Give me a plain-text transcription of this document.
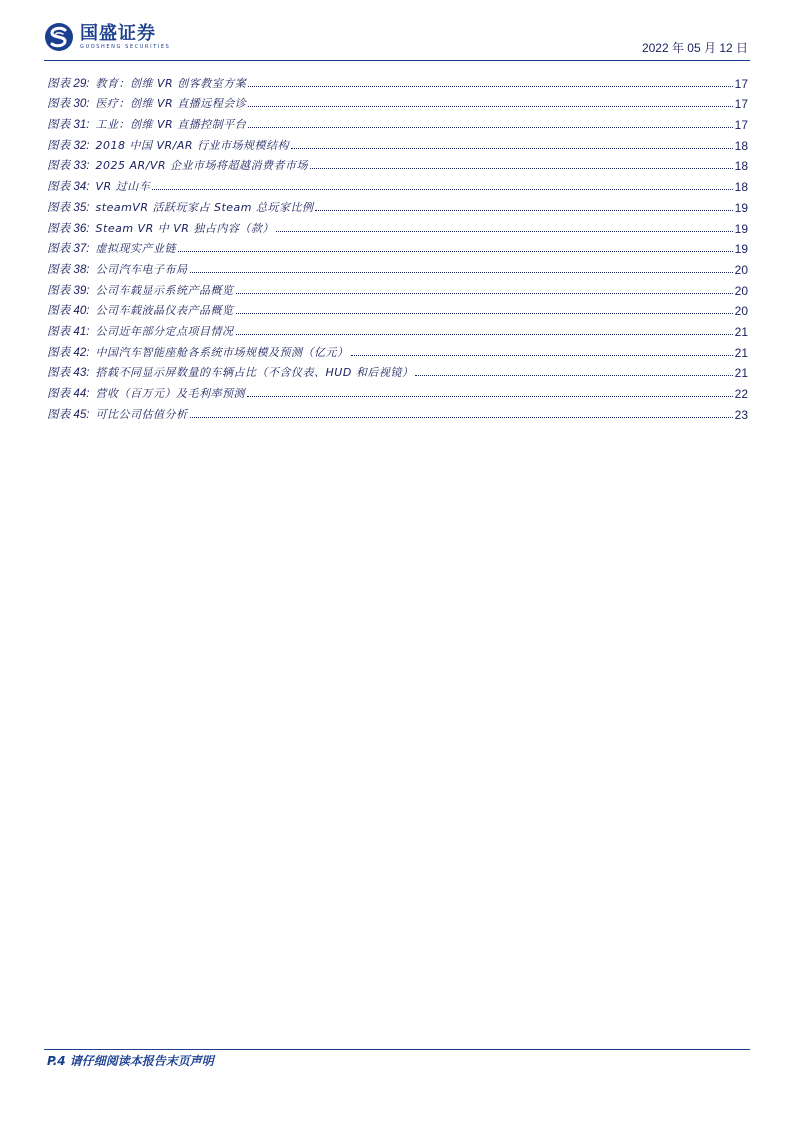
国盛证券
GUOSHENG SECURITIES	2022 年 05 月 12 日
图表 29: 教育：创维 VR 创客教室方案	17
图表 30: 医疗：创维 VR 直播远程会诊	17
图表 31: 工业：创维 VR 直播控制平台	17
图表 32: 2018 中国 VR/AR 行业市场规模结构	18
图表 33: 2025 AR/VR 企业市场将超越消费者市场	18
图表 34: VR 过山车	18
图表 35: steamVR 活跃玩家占 Steam 总玩家比例	19
图表 36: Steam VR 中 VR 独占内容（款）	19
图表 37: 虚拟现实产业链	19
图表 38: 公司汽车电子布局	20
图表 39: 公司车载显示系统产品概览	20
图表 40: 公司车载液晶仪表产品概览	20
图表 41: 公司近年部分定点项目情况	21
图表 42: 中国汽车智能座舱各系统市场规模及预测（亿元）	21
图表 43: 搭载不同显示屏数量的车辆占比（不含仪表、HUD 和后视镜）	21
图表 44: 营收（百万元）及毛利率预测	22
图表 45: 可比公司估值分析	23
P.4 请仔细阅读本报告末页声明
